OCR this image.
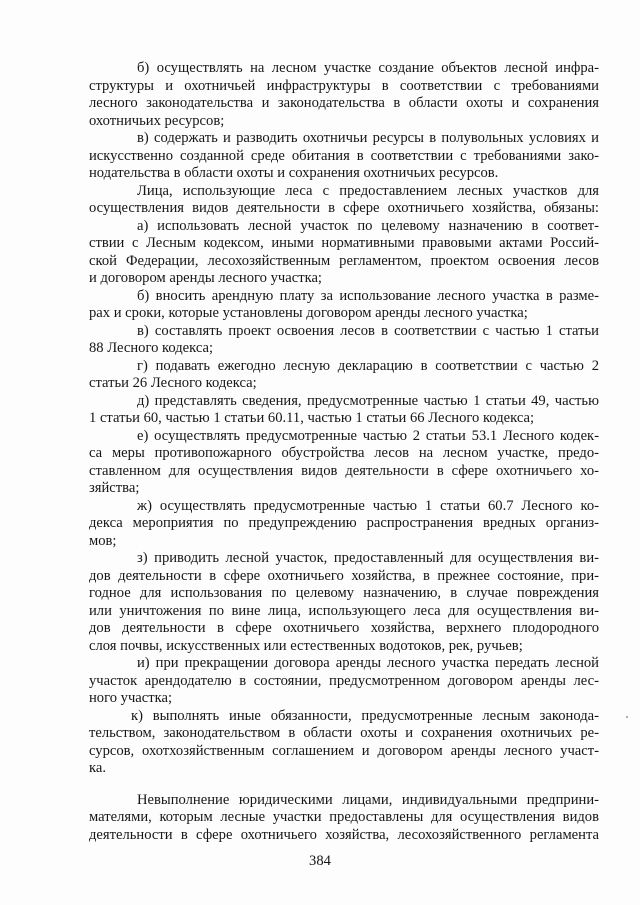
б) осуществлять на лесном участке создание объектов лесной инфра-
структуры и охотничьей инфраструктуры в соответствии с требованиями
лесного законодательства и законодательства в области охоты и сохранения
охотничьих ресурсов;
в) содержать и разводить охотничьи ресурсы в полувольных условиях и
искусственно созданной среде обитания в соответствии с требованиями зако-
нодательства в области охоты и сохранения охотничьих ресурсов.
Лица, использующие леса с предоставлением лесных участков для
осуществления видов деятельности в сфере охотничьего хозяйства, обязаны:
а) использовать лесной участок по целевому назначению в соответ-
ствии с Лесным кодексом, иными нормативными правовыми актами Россий-
ской Федерации, лесохозяйственным регламентом, проектом освоения лесов
и договором аренды лесного участка;
б) вносить арендную плату за использование лесного участка в разме-
рах и сроки, которые установлены договором аренды лесного участка;
в) составлять проект освоения лесов в соответствии с частью 1 статьи
88 Лесного кодекса;
г) подавать ежегодно лесную декларацию в соответствии с частью 2
статьи 26 Лесного кодекса;
д) представлять сведения, предусмотренные частью 1 статьи 49, частью
1 статьи 60, частью 1 статьи 60.11, частью 1 статьи 66 Лесного кодекса;
е) осуществлять предусмотренные частью 2 статьи 53.1 Лесного кодек-
са меры противопожарного обустройства лесов на лесном участке, предо-
ставленном для осуществления видов деятельности в сфере охотничьего хо-
зяйства;
ж) осуществлять предусмотренные частью 1 статьи 60.7 Лесного ко-
декса мероприятия по предупреждению распространения вредных организ-
мов;
з) приводить лесной участок, предоставленный для осуществления ви-
дов деятельности в сфере охотничьего хозяйства, в прежнее состояние, при-
годное для использования по целевому назначению, в случае повреждения
или уничтожения по вине лица, использующего леса для осуществления ви-
дов деятельности в сфере охотничьего хозяйства, верхнего плодородного
слоя почвы, искусственных или естественных водотоков, рек, ручьев;
и) при прекращении договора аренды лесного участка передать лесной
участок арендодателю в состоянии, предусмотренном договором аренды лес-
ного участка;
к) выполнять иные обязанности, предусмотренные лесным законода-
тельством, законодательством в области охоты и сохранения охотничьих ре-
сурсов, охотхозяйственным соглашением и договором аренды лесного участ-
ка.
Невыполнение юридическими лицами, индивидуальными предприни-
мателями, которым лесные участки предоставлены для осуществления видов
деятельности в сфере охотничьего хозяйства, лесохозяйственного регламента
384
